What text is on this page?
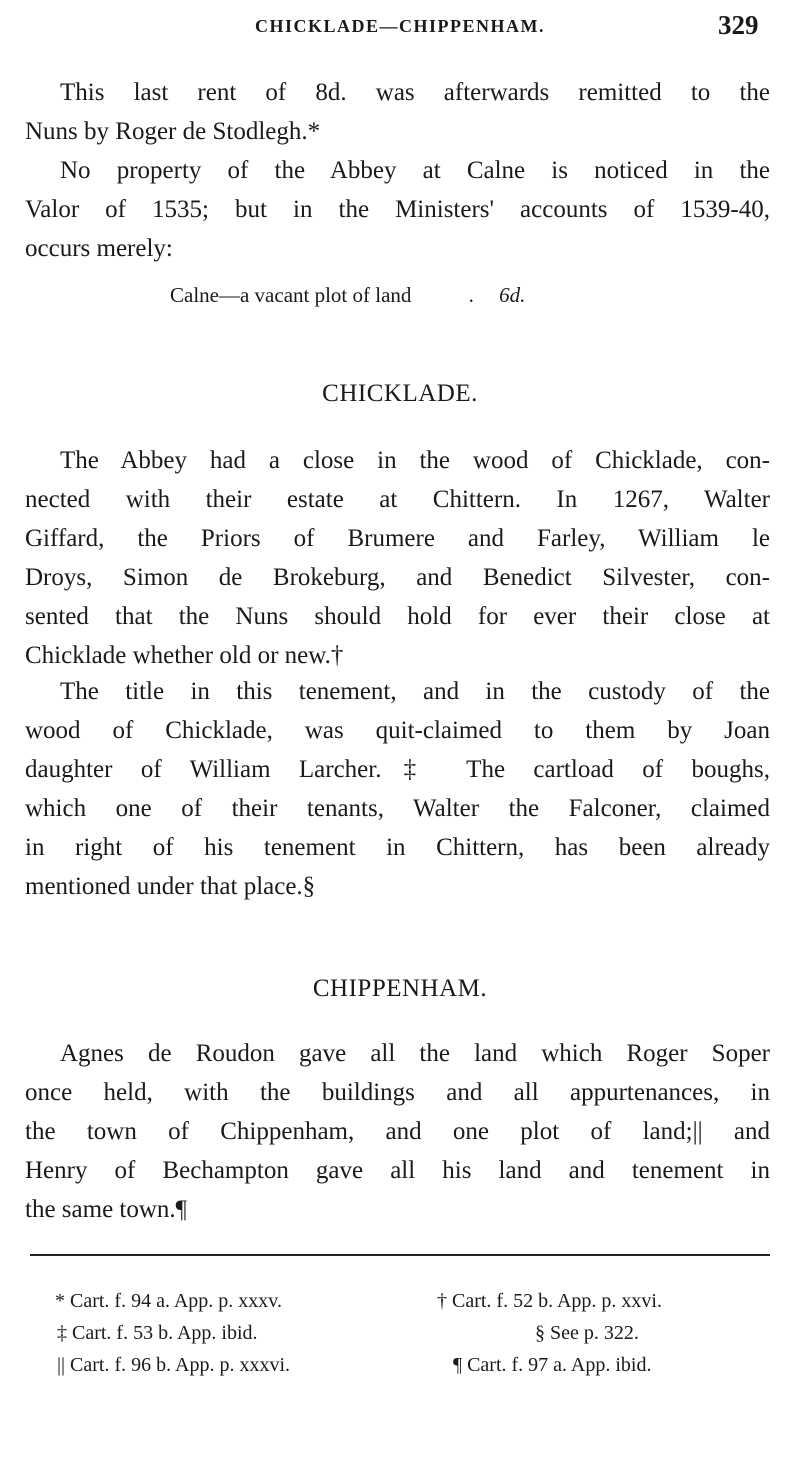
CHICKLADE—CHIPPENHAM.	329
This last rent of 8d. was afterwards remitted to the
Nuns by Roger de Stodlegh.*
No property of the Abbey at Calne is noticed in the
Valor of 1535; but in the Ministers' accounts of 1539-40,
occurs merely:
Calne—a vacant plot of land	. 6d.
CHICKLADE.
The Abbey had a close in the wood of Chicklade, con-
nected with their estate at Chittern. In 1267, Walter
Giffard, the Priors of Brumere and Farley, William le
Droys, Simon de Brokeburg, and Benedict Silvester, con-
sented that the Nuns should hold for ever their close at
Chicklade whether old or new.†
The title in this tenement, and in the custody of the
wood of Chicklade, was quit-claimed to them by Joan
daughter of William Larcher.‡ The cartload of boughs,
which one of their tenants, Walter the Falconer, claimed
in right of his tenement in Chittern, has been already
mentioned under that place.§
CHIPPENHAM.
Agnes de Roudon gave all the land which Roger Soper
once held, with the buildings and all appurtenances, in
the town of Chippenham, and one plot of land;|| and
Henry of Bechampton gave all his land and tenement in
the same town.¶
* Cart. f. 94 a. App. p. xxxv.	† Cart. f. 52 b. App. p. xxvi.
‡ Cart. f. 53 b. App. ibid.	§ See p. 322.
|| Cart. f. 96 b. App. p. xxxvi.	¶ Cart. f. 97 a. App. ibid.
